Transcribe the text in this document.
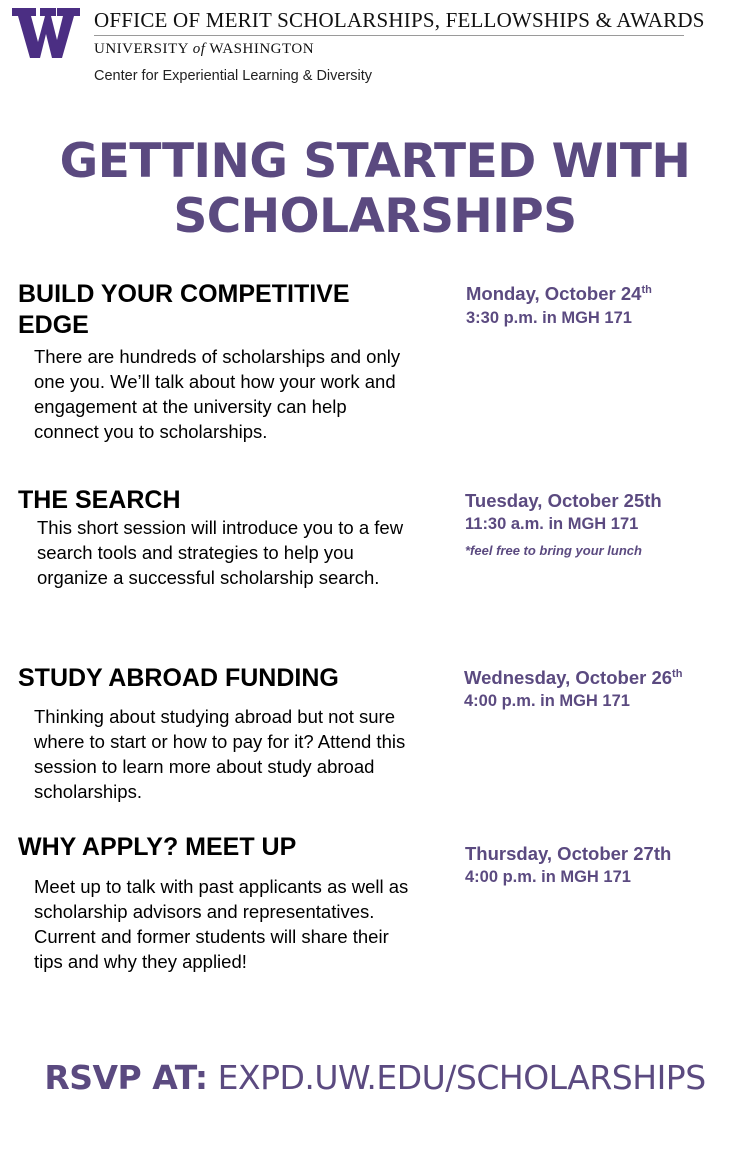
OFFICE OF MERIT SCHOLARSHIPS, FELLOWSHIPS & AWARDS
UNIVERSITY of WASHINGTON
Center for Experiential Learning & Diversity
GETTING STARTED WITH
SCHOLARSHIPS
BUILD YOUR COMPETITIVE
EDGE
There are hundreds of scholarships and only one you. We’ll talk about how your work and engagement at the university can help connect you to scholarships.
Monday, October 24th
3:30 p.m. in MGH 171
THE SEARCH
This short session will introduce you to a few search tools and strategies to help you organize a successful scholarship search.
Tuesday, October 25th
11:30 a.m. in MGH 171
*feel free to bring your lunch
STUDY ABROAD FUNDING
Thinking about studying abroad but not sure where to start or how to pay for it? Attend this session to learn more about study abroad scholarships.
Wednesday, October 26th
4:00 p.m. in MGH 171
WHY APPLY? MEET UP
Meet up to talk with past applicants as well as scholarship advisors and representatives. Current and former students will share their tips and why they applied!
Thursday, October 27th
4:00 p.m. in MGH 171
RSVP AT: EXPD.UW.EDU/SCHOLARSHIPS
